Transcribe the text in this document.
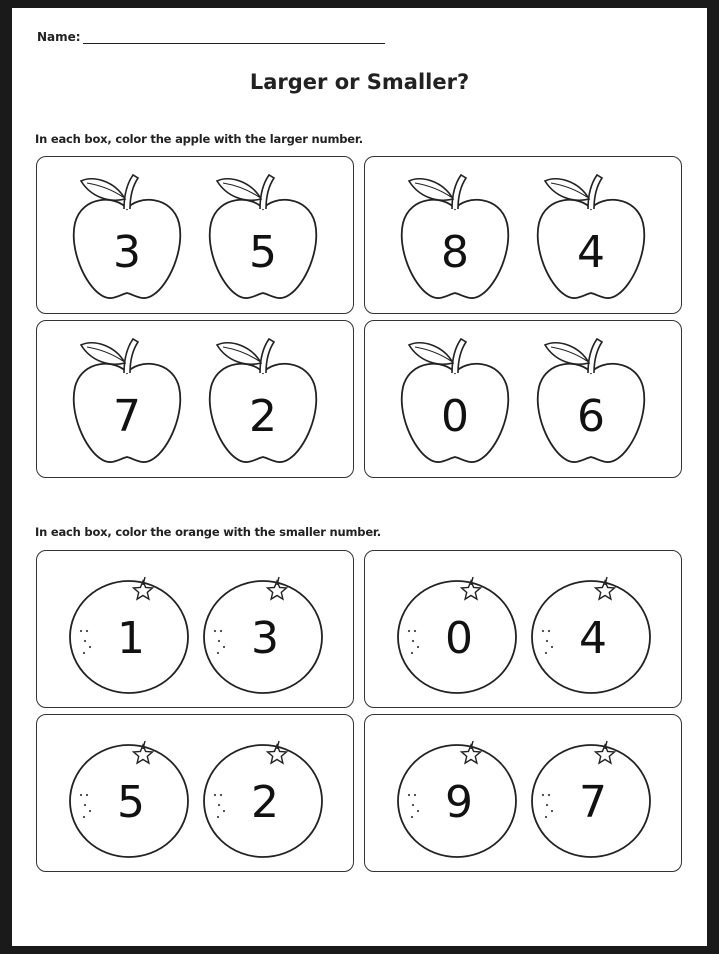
Name:
Larger or Smaller?
In each box, color the apple with the larger number.
In each box, color the orange with the smaller number.
3 5	8 4
7 2	0 6
1 3	0 4
5 2	9 7
